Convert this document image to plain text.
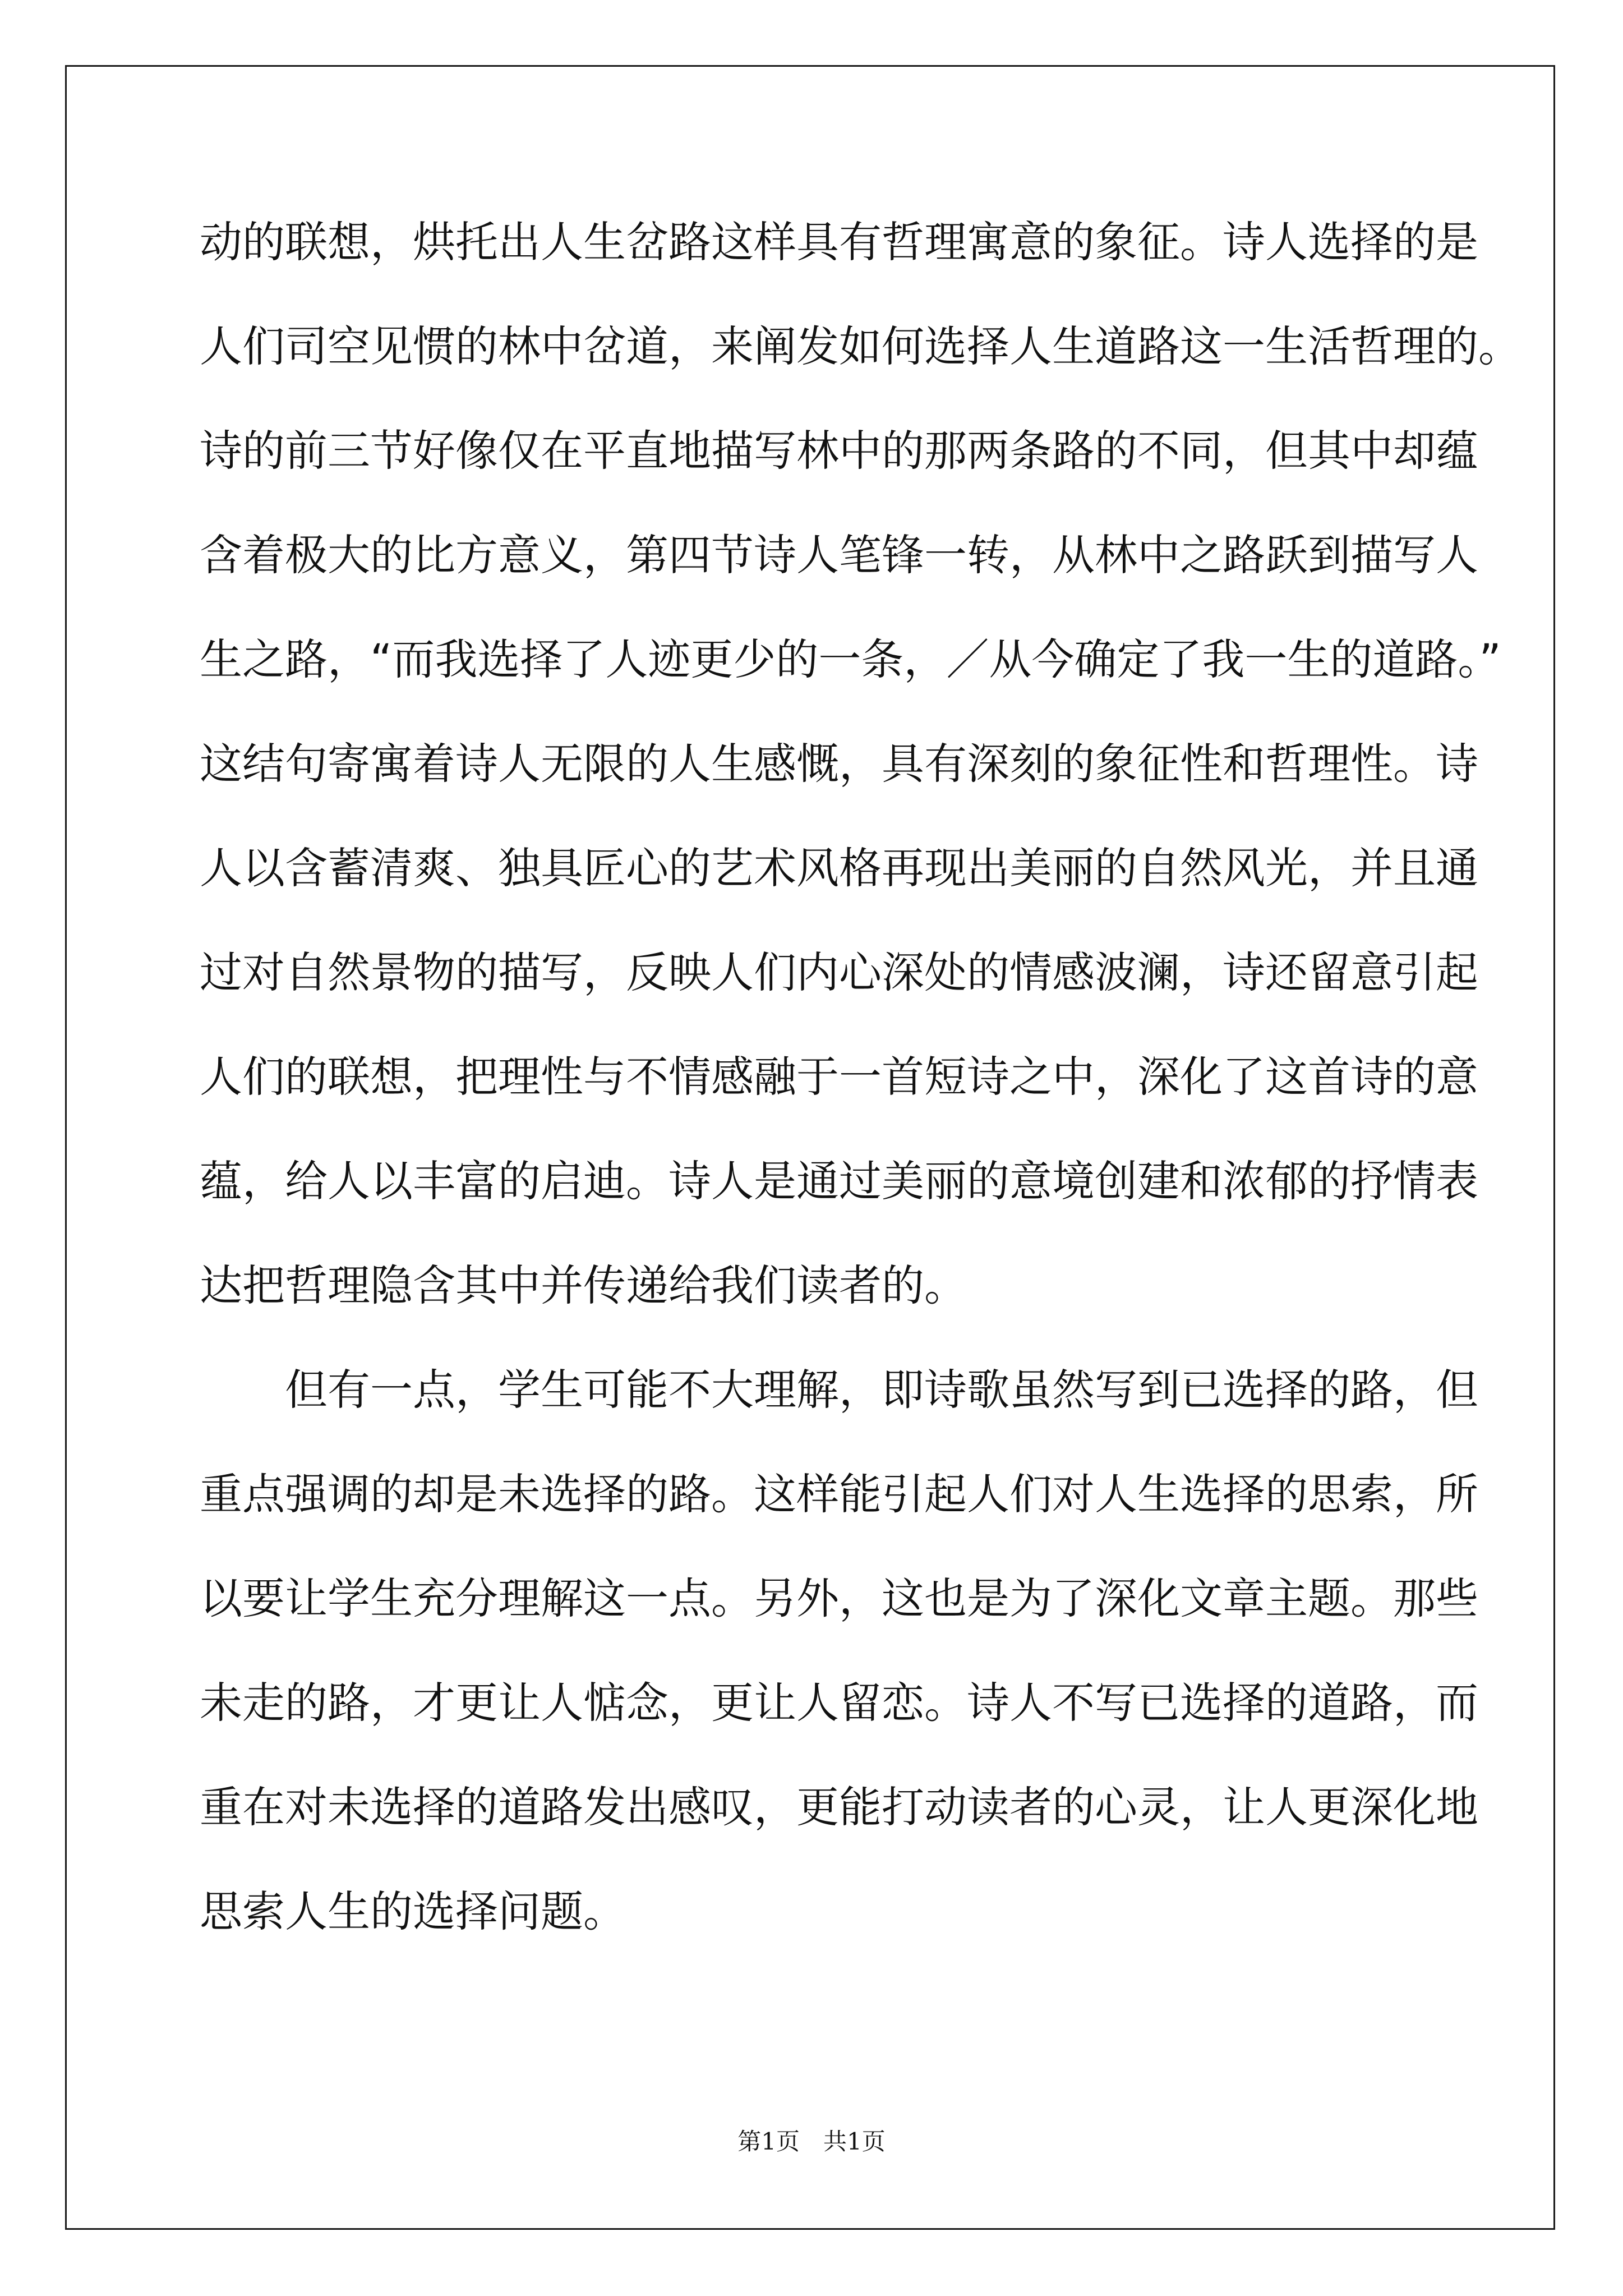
动的联想，烘托出人生岔路这样具有哲理寓意的象征。诗人选择的是

人们司空见惯的林中岔道，来阐发如何选择人生道路这一生活哲理的。

诗的前三节好像仅在平直地描写林中的那两条路的不同，但其中却蕴

含着极大的比方意义，第四节诗人笔锋一转，从林中之路跃到描写人

生之路，“而我选择了人迹更少的一条，／从今确定了我一生的道路。”

这结句寄寓着诗人无限的人生感慨，具有深刻的象征性和哲理性。诗

人以含蓄清爽、独具匠心的艺术风格再现出美丽的自然风光，并且通

过对自然景物的描写，反映人们内心深处的情感波澜，诗还留意引起

人们的联想，把理性与不情感融于一首短诗之中，深化了这首诗的意

蕴，给人以丰富的启迪。诗人是通过美丽的意境创建和浓郁的抒情表

达把哲理隐含其中并传递给我们读者的。

但有一点，学生可能不大理解，即诗歌虽然写到已选择的路，但

重点强调的却是未选择的路。这样能引起人们对人生选择的思索，所

以要让学生充分理解这一点。另外，这也是为了深化文章主题。那些

未走的路，才更让人惦念，更让人留恋。诗人不写已选择的道路，而

重在对未选择的道路发出感叹，更能打动读者的心灵，让人更深化地

思索人生的选择问题。

第1页　共1页
